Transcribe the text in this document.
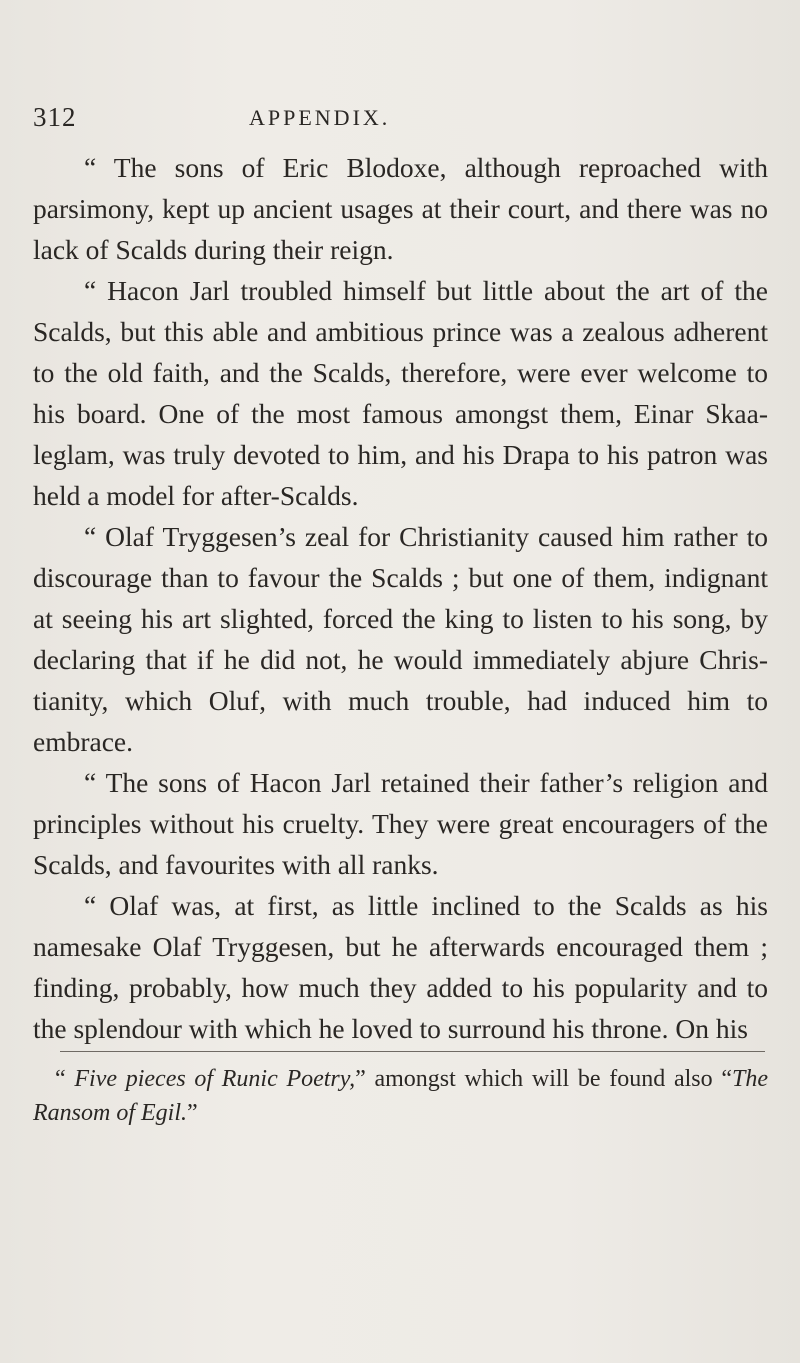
312	APPENDIX.

“ The sons of Eric Blodoxe, although reproached with parsimony, kept up ancient usages at their court, and there was no lack of Scalds during their reign.

“ Hacon Jarl troubled himself but little about the art of the Scalds, but this able and ambitious prince was a zealous adherent to the old faith, and the Scalds, therefore, were ever welcome to his board. One of the most famous amongst them, Einar Skaa-leglam, was truly devoted to him, and his Drapa to his patron was held a model for after-Scalds.

“ Olaf Tryggesen’s zeal for Christianity caused him rather to discourage than to favour the Scalds ; but one of them, indignant at seeing his art slighted, forced the king to listen to his song, by declaring that if he did not, he would immediately abjure Chris-tianity, which Oluf, with much trouble, had induced him to embrace.

“ The sons of Hacon Jarl retained their father’s religion and principles without his cruelty. They were great encouragers of the Scalds, and favourites with all ranks.

“ Olaf was, at first, as little inclined to the Scalds as his namesake Olaf Tryggesen, but he afterwards encouraged them ; finding, probably, how much they added to his popularity and to the splendour with which he loved to surround his throne. On his

“ Five pieces of Runic Poetry,” amongst which will be found also “The Ransom of Egil.”
